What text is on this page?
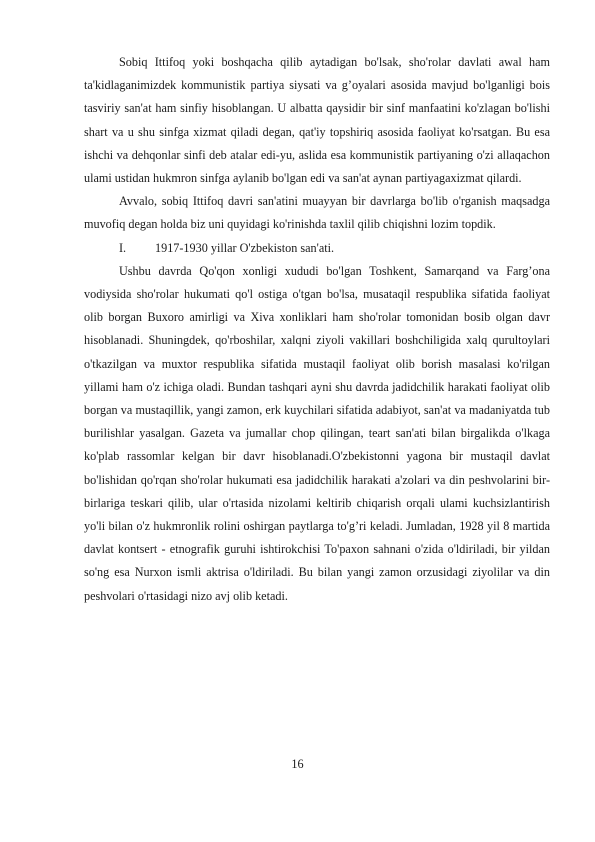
Sobiq Ittifoq yoki boshqacha qilib aytadigan bo'lsak, sho'rolar davlati awal ham ta'kidlaganimizdek kommunistik partiya siysati va g’oyalari asosida mavjud bo'lganligi bois tasviriy san'at ham sinfiy hisoblangan. U albatta qaysidir bir sinf manfaatini ko'zlagan bo'lishi shart va u shu sinfga xizmat qiladi degan, qat'iy topshiriq asosida faoliyat ko'rsatgan. Bu esa ishchi va dehqonlar sinfi deb atalar edi-yu, aslida esa kommunistik partiyaning o'zi allaqachon ulami ustidan hukmron sinfga aylanib bo'lgan edi va san'at aynan partiyagaxizmat qilardi.

Avvalo, sobiq Ittifoq davri san'atini muayyan bir davrlarga bo'lib o'rganish maqsadga muvofiq degan holda biz uni quyidagi ko'rinishda taxlil qilib chiqishni lozim topdik.

I. 1917-1930 yillar O'zbekiston san'ati.

Ushbu davrda Qo'qon xonligi xududi bo'lgan Toshkent, Samarqand va Farg’ona vodiysida sho'rolar hukumati qo'l ostiga o'tgan bo'lsa, musataqil respublika sifatida faoliyat olib borgan Buxoro amirligi va Xiva xonliklari ham sho'rolar tomonidan bosib olgan davr hisoblanadi. Shuningdek, qo'rboshilar, xalqni ziyoli vakillari boshchiligida xalq qurultoylari o'tkazilgan va muxtor respublika sifatida mustaqil faoliyat olib borish masalasi ko'rilgan yillami ham o'z ichiga oladi. Bundan tashqari ayni shu davrda jadidchilik harakati faoliyat olib borgan va mustaqillik, yangi zamon, erk kuychilari sifatida adabiyot, san'at va madaniyatda tub burilishlar yasalgan. Gazeta va jumallar chop qilingan, teart san'ati bilan birgalikda o'lkaga ko'plab rassomlar kelgan bir davr hisoblanadi.O'zbekistonni yagona bir mustaqil davlat bo'lishidan qo'rqan sho'rolar hukumati esa jadidchilik harakati a'zolari va din peshvolarini bir-birlariga teskari qilib, ular o'rtasida nizolami keltirib chiqarish orqali ulami kuchsizlantirish yo'li bilan o'z hukmronlik rolini oshirgan paytlarga to'g’ri keladi. Jumladan, 1928 yil 8 martida davlat kontsert - etnografik guruhi ishtirokchisi To'paxon sahnani o'zida o'ldiriladi, bir yildan so'ng esa Nurxon ismli aktrisa o'ldiriladi. Bu bilan yangi zamon orzusidagi ziyolilar va din peshvolari o'rtasidagi nizo avj olib ketadi.

16
